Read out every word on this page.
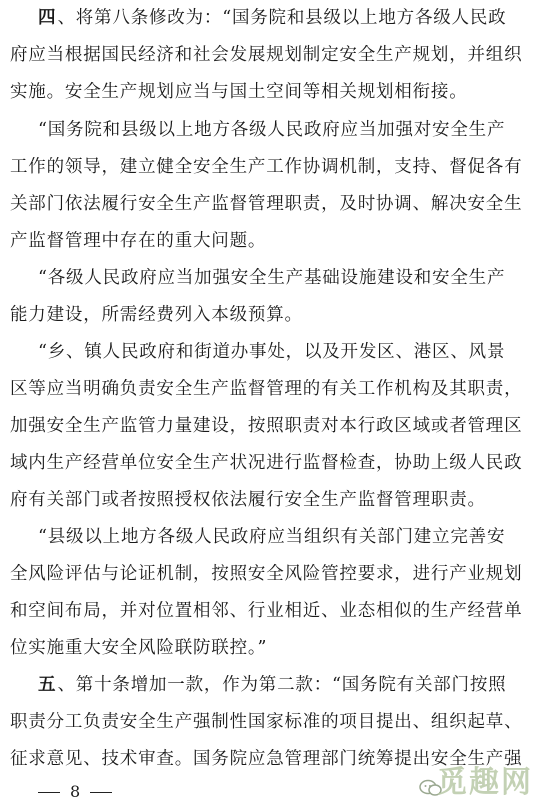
四、将第八条修改为：“国务院和县级以上地方各级人民政
府应当根据国民经济和社会发展规划制定安全生产规划，并组织
实施。安全生产规划应当与国土空间等相关规划相衔接。
“国务院和县级以上地方各级人民政府应当加强对安全生产
工作的领导，建立健全安全生产工作协调机制，支持、督促各有
关部门依法履行安全生产监督管理职责，及时协调、解决安全生
产监督管理中存在的重大问题。
“各级人民政府应当加强安全生产基础设施建设和安全生产
能力建设，所需经费列入本级预算。
“乡、镇人民政府和街道办事处，以及开发区、港区、风景
区等应当明确负责安全生产监督管理的有关工作机构及其职责，
加强安全生产监管力量建设，按照职责对本行政区域或者管理区
域内生产经营单位安全生产状况进行监督检查，协助上级人民政
府有关部门或者按照授权依法履行安全生产监督管理职责。
“县级以上地方各级人民政府应当组织有关部门建立完善安
全风险评估与论证机制，按照安全风险管控要求，进行产业规划
和空间布局，并对位置相邻、行业相近、业态相似的生产经营单
位实施重大安全风险联防联控。”
五、第十条增加一款，作为第二款：“国务院有关部门按照
职责分工负责安全生产强制性国家标准的项目提出、组织起草、
征求意见、技术审查。国务院应急管理部门统筹提出安全生产强
8	觅趣网
